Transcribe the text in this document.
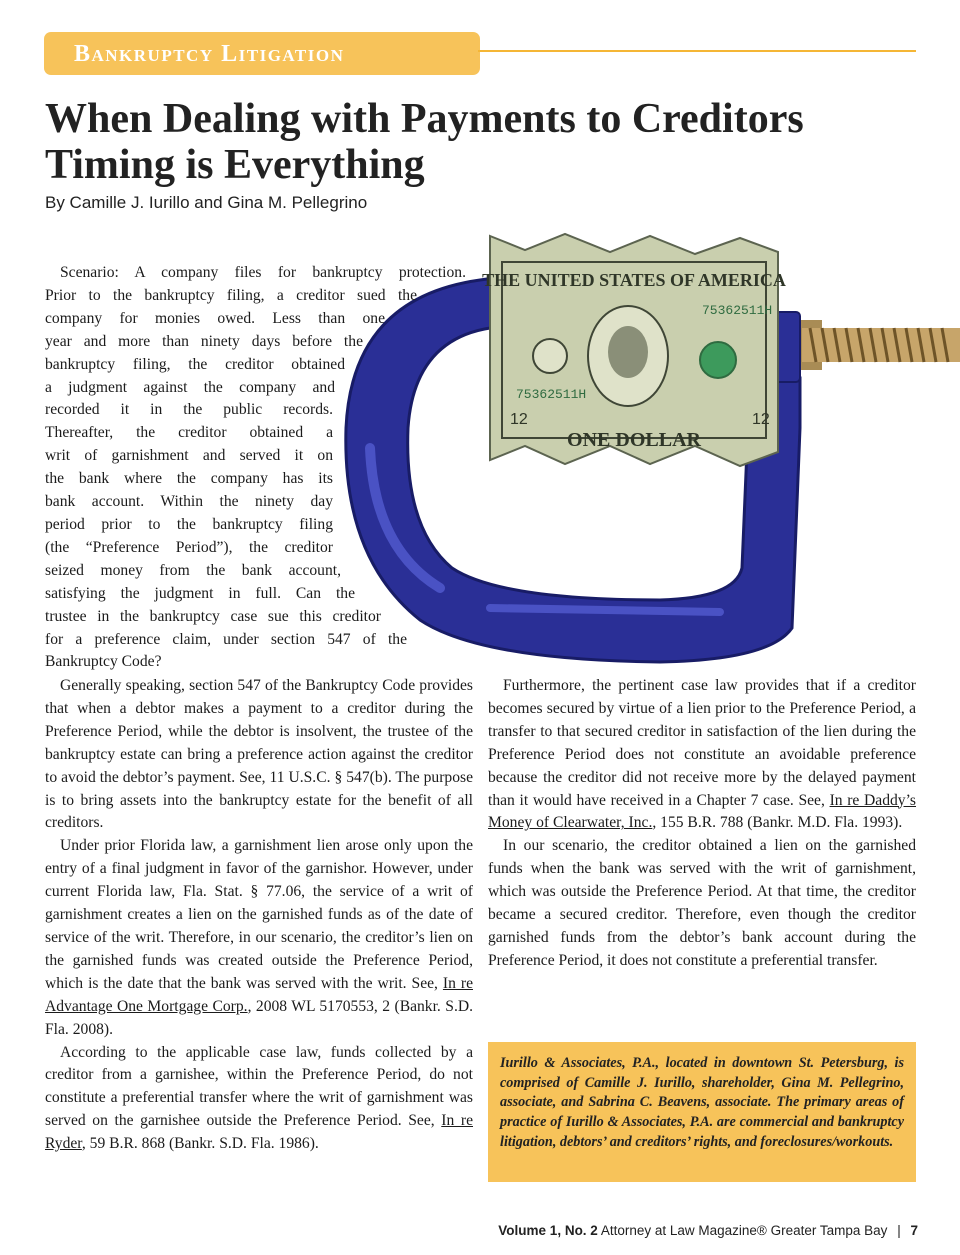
Bankruptcy Litigation
When Dealing with Payments to Creditors Timing is Everything

By Camille J. Iurillo and Gina M. Pellegrino

THE UNITED STATES OF AMERICA
ONE DOLLAR
75362511H
75362511H
12	12
Scenario: A company files for bankruptcy protection.
Prior to the bankruptcy filing, a creditor sued the
company for monies owed. Less than one
year and more than ninety days before the
bankruptcy filing, the creditor obtained
a judgment against the company and
recorded it in the public records.
Thereafter, the creditor obtained a
writ of garnishment and served it on
the bank where the company has its
bank account. Within the ninety day
period prior to the bankruptcy filing
(the “Preference Period”), the creditor
seized money from the bank account,
satisfying the judgment in full. Can the
trustee in the bankruptcy case sue this creditor
for a preference claim, under section 547 of the
Bankruptcy Code?

Generally speaking, section 547 of the Bankruptcy Code provides that when a debtor makes a payment to a creditor during the Preference Period, while the debtor is insolvent, the trustee of the bankruptcy estate can bring a preference action against the creditor to avoid the debtor’s payment. See, 11 U.S.C. § 547(b). The purpose is to bring assets into the bankruptcy estate for the benefit of all creditors.

Under prior Florida law, a garnishment lien arose only upon the entry of a final judgment in favor of the garnishor. However, under current Florida law, Fla. Stat. § 77.06, the service of a writ of garnishment creates a lien on the garnished funds as of the date of service of the writ. Therefore, in our scenario, the creditor’s lien on the garnished funds was created outside the Preference Period, which is the date that the bank was served with the writ. See, In re Advantage One Mortgage Corp., 2008 WL 5170553, 2 (Bankr. S.D. Fla. 2008).

According to the applicable case law, funds collected by a creditor from a garnishee, within the Preference Period, do not constitute a preferential transfer where the writ of garnishment was served on the garnishee outside the Preference Period. See, In re Ryder, 59 B.R. 868 (Bankr. S.D. Fla. 1986).

Furthermore, the pertinent case law provides that if a creditor becomes secured by virtue of a lien prior to the Preference Period, a transfer to that secured creditor in satisfaction of the lien during the Preference Period does not constitute an avoidable preference because the creditor did not receive more by the delayed payment than it would have received in a Chapter 7 case. See, In re Daddy’s Money of Clearwater, Inc., 155 B.R. 788 (Bankr. M.D. Fla. 1993).

In our scenario, the creditor obtained a lien on the garnished funds when the bank was served with the writ of garnishment, which was outside the Preference Period. At that time, the creditor became a secured creditor. Therefore, even though the creditor garnished funds from the debtor’s bank account during the Preference Period, it does not constitute a preferential transfer.

Iurillo & Associates, P.A., located in downtown St. Petersburg, is comprised of Camille J. Iurillo, shareholder, Gina M. Pellegrino, associate, and Sabrina C. Beavens, associate. The primary areas of practice of Iurillo & Associates, P.A. are commercial and bankruptcy litigation, debtors’ and creditors’ rights, and foreclosures/workouts.

Volume 1, No. 2 Attorney at Law Magazine® Greater Tampa Bay | 7
